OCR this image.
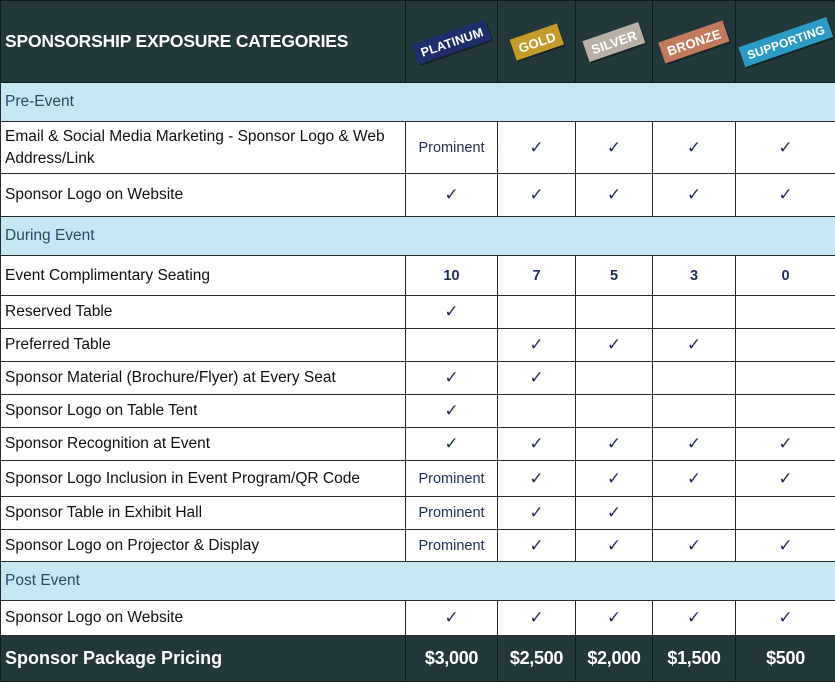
SPONSORSHIP EXPOSURE CATEGORIES	PLATINUM	GOLD	SILVER	BRONZE	SUPPORTING

Pre-Event					

Email & Social Media Marketing - Sponsor Logo & Web Address/Link	Prominent	✓	✓	✓	✓
Sponsor Logo on Website	✓	✓	✓	✓	✓

During Event					

Event Complimentary Seating	10	7	5	3	0
Reserved Table	✓				
Preferred Table		✓	✓	✓	
Sponsor Material (Brochure/Flyer) at Every Seat	✓	✓			
Sponsor Logo on Table Tent	✓				
Sponsor Recognition at Event	✓	✓	✓	✓	✓
Sponsor Logo Inclusion in Event Program/QR Code	Prominent	✓	✓	✓	✓
Sponsor Table in Exhibit Hall	Prominent	✓	✓		
Sponsor Logo on Projector & Display	Prominent	✓	✓	✓	✓

Post Event					

Sponsor Logo on Website	✓	✓	✓	✓	✓

Sponsor Package Pricing	$3,000	$2,500	$2,000	$1,500	$500
